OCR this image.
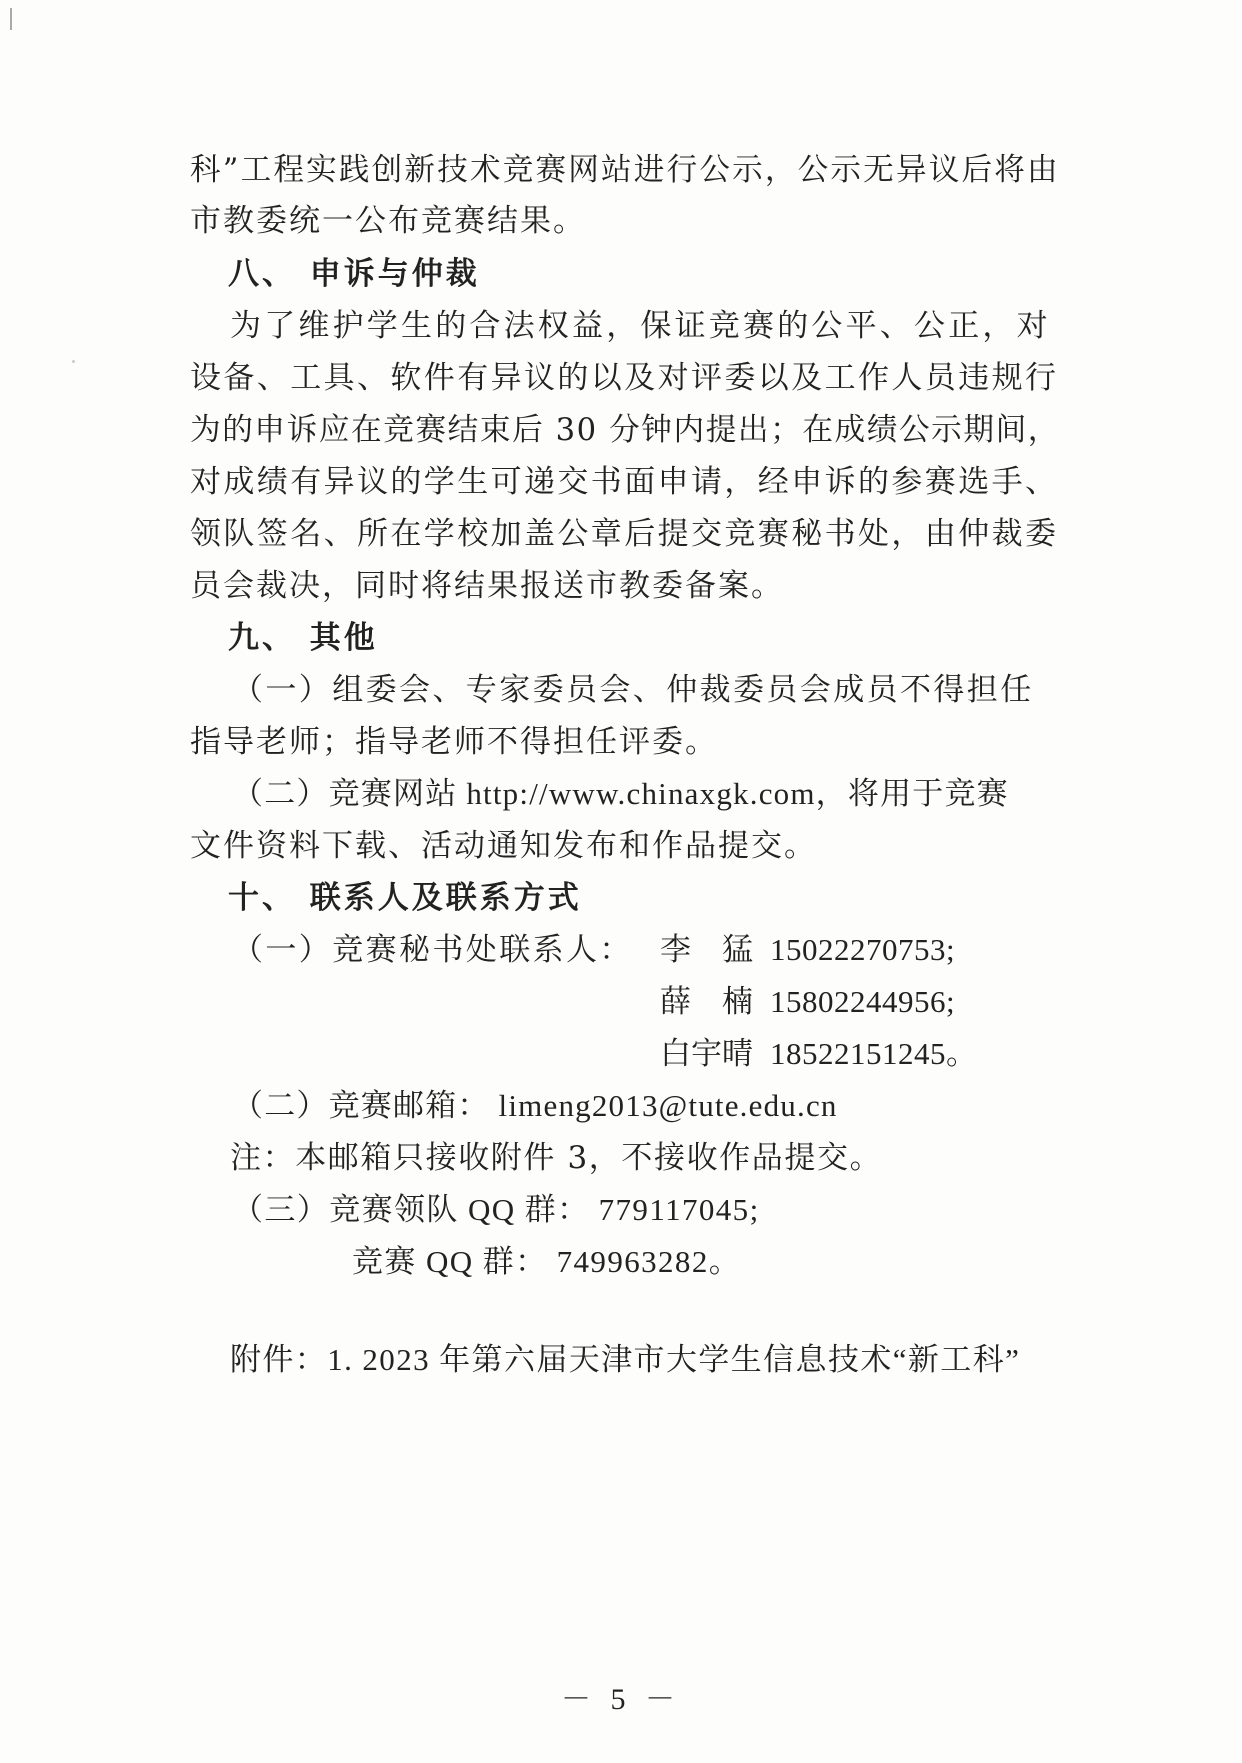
科”工程实践创新技术竞赛网站进行公示，公示无异议后将由
市教委统一公布竞赛结果。
八、 申诉与仲裁
为了维护学生的合法权益，保证竞赛的公平、公正，对
设备、工具、软件有异议的以及对评委以及工作人员违规行
为的申诉应在竞赛结束后 30 分钟内提出；在成绩公示期间，
对成绩有异议的学生可递交书面申请，经申诉的参赛选手、
领队签名、所在学校加盖公章后提交竞赛秘书处，由仲裁委
员会裁决，同时将结果报送市教委备案。
九、 其他
（一）组委会、专家委员会、仲裁委员会成员不得担任
指导老师；指导老师不得担任评委。
（二）竞赛网站 http://www.chinaxgk.com，将用于竞赛
文件资料下载、活动通知发布和作品提交。
十、 联系人及联系方式
（一）竞赛秘书处联系人： 李　猛 15022270753;
薛　楠 15802244956;
白宇晴 18522151245。
（二）竞赛邮箱： limeng2013@tute.edu.cn
注：本邮箱只接收附件 3，不接收作品提交。
（三）竞赛领队 QQ 群： 779117045;
竞赛 QQ 群： 749963282。
附件：1. 2023 年第六届天津市大学生信息技术“新工科”
－ 5 －
